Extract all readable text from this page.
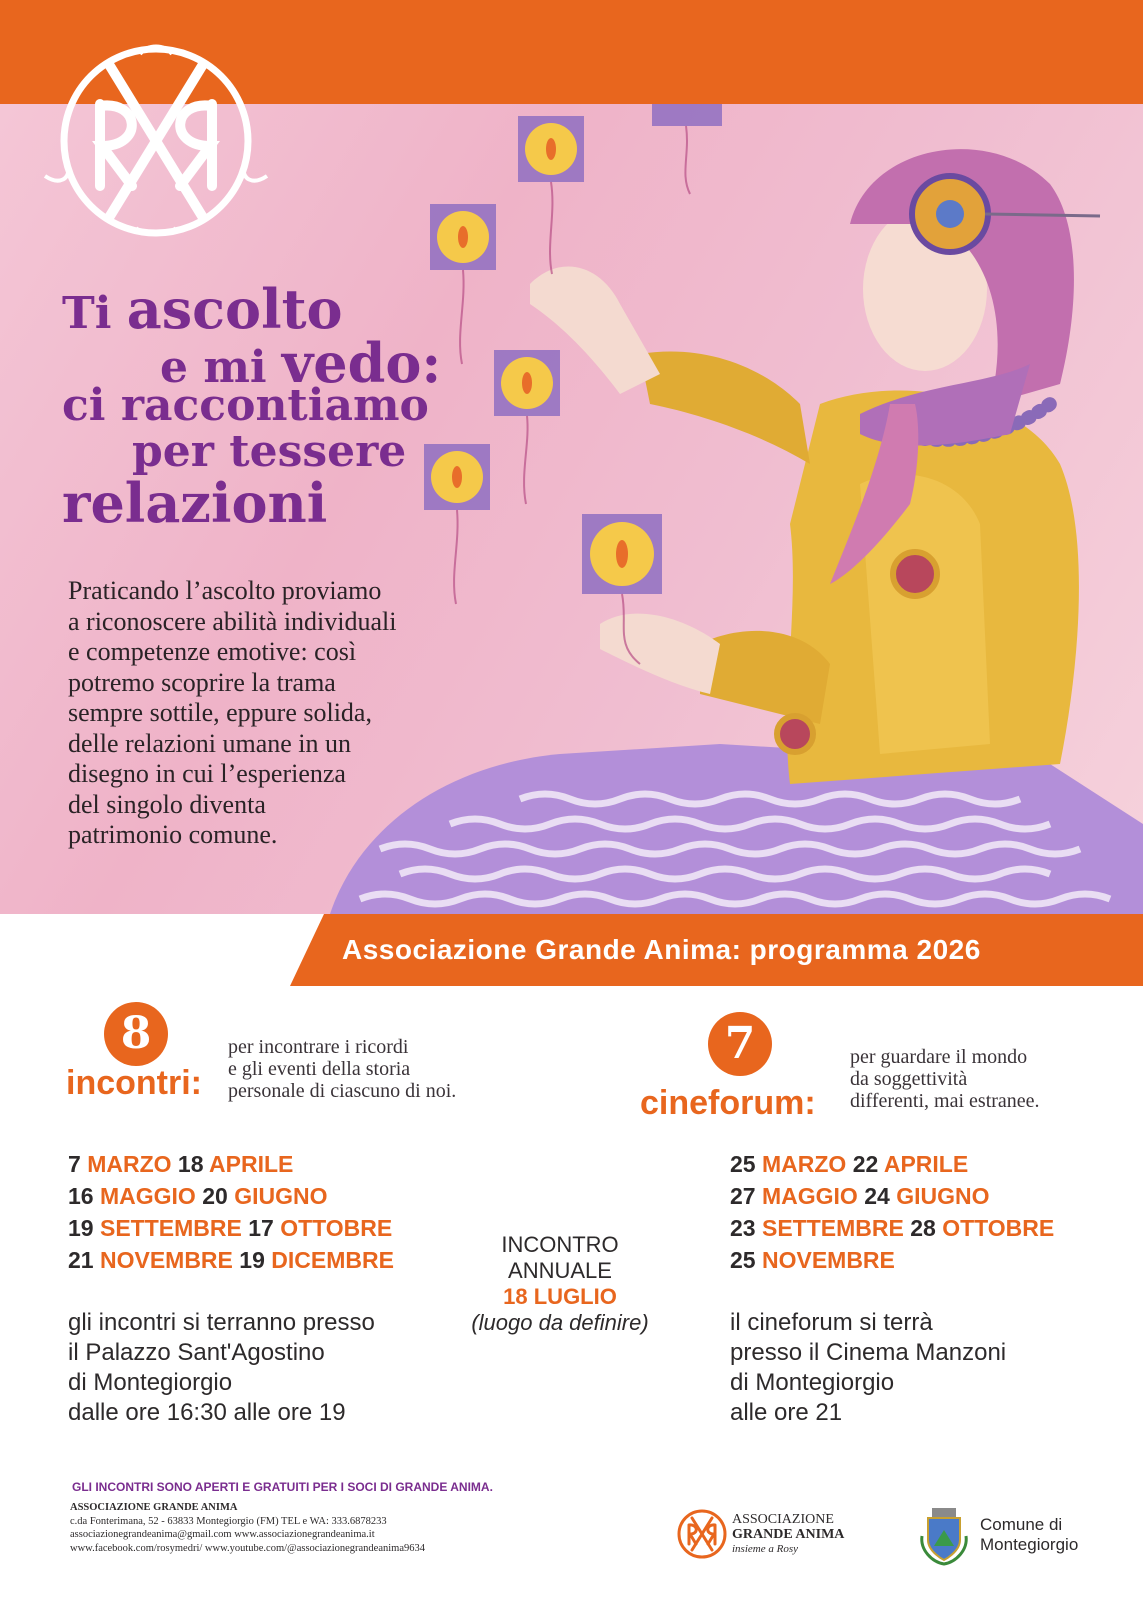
Ti ascolto
e mi vedo:
ci raccontiamo
per tessere
relazioni
Praticando l’ascolto proviamo
a riconoscere abilità individuali
e competenze emotive: così
potremo scoprire la trama
sempre sottile, eppure solida,
delle relazioni umane in un
disegno in cui l’esperienza
del singolo diventa
patrimonio comune.
Associazione Grande Anima: programma 2026
8
incontri:
per incontrare i ricordi
e gli eventi della storia
personale di ciascuno di noi.
7 MARZO 18 APRILE
16 MAGGIO 20 GIUGNO
19 SETTEMBRE 17 OTTOBRE
21 NOVEMBRE 19 DICEMBRE
gli incontri si terranno presso
il Palazzo Sant'Agostino
di Montegiorgio
dalle ore 16:30 alle ore 19
INCONTRO
ANNUALE
18 LUGLIO
(luogo da definire)
7
cineforum:
per guardare il mondo
da soggettività
differenti, mai estranee.
25 MARZO 22 APRILE
27 MAGGIO 24 GIUGNO
23 SETTEMBRE 28 OTTOBRE
25 NOVEMBRE
il cineforum si terrà
presso il Cinema Manzoni
di Montegiorgio
alle ore 21
GLI INCONTRI SONO APERTI E GRATUITI PER I SOCI DI GRANDE ANIMA.
ASSOCIAZIONE GRANDE ANIMA
c.da Fonterimana, 52 - 63833 Montegiorgio (FM) TEL e WA: 333.6878233
associazionegrandeanima@gmail.com www.associazionegrandeanima.it
www.facebook.com/rosymedri/ www.youtube.com/@associazionegrandeanima9634
ASSOCIAZIONE
GRANDE ANIMA
insieme a Rosy
Comune di
Montegiorgio
